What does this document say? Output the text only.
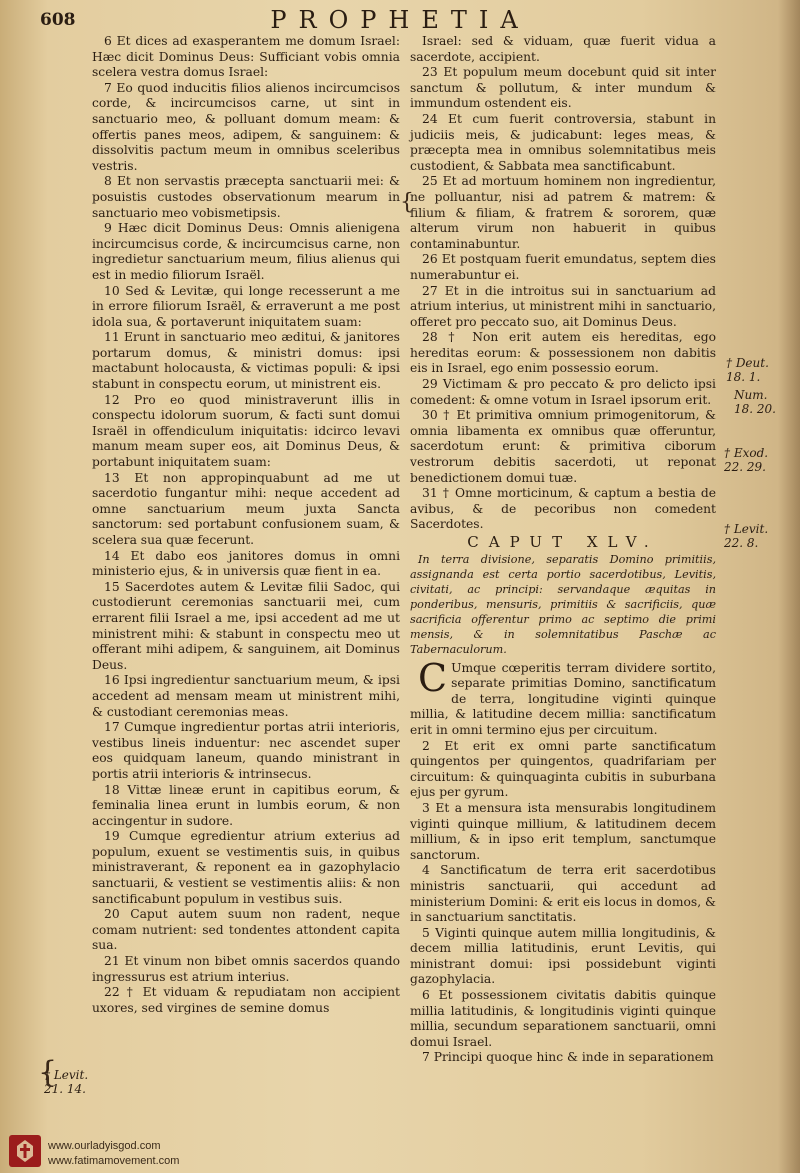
608	PROPHETIA

6 Et dices ad exasperantem me domum Israel: Hæc dicit Dominus Deus: Sufficiant vobis omnia scelera vestra domus Israel:

7 Eo quod inducitis filios alienos incircumcisos corde, & incircumcisos carne, ut sint in sanctuario meo, & polluant domum meam: & offertis panes meos, adipem, & sanguinem: & dissolvitis pactum meum in omnibus sceleribus vestris.

8 Et non servastis præcepta sanctuarii mei: & posuistis custodes observationum mearum in sanctuario meo vobismetipsis.

9 Hæc dicit Dominus Deus: Omnis alienigena incircumcisus corde, & incircumcisus carne, non ingredietur sanctuarium meum, filius alienus qui est in medio filiorum Israël.

10 Sed & Levitæ, qui longe recesserunt a me in errore filiorum Israël, & erraverunt a me post idola sua, & portaverunt iniquitatem suam:

11 Erunt in sanctuario meo æditui, & janitores portarum domus, & ministri domus: ipsi mactabunt holocausta, & victimas populi: & ipsi stabunt in conspectu eorum, ut ministrent eis.

12 Pro eo quod ministraverunt illis in conspectu idolorum suorum, & facti sunt domui Israël in offendiculum iniquitatis: idcirco levavi manum meam super eos, ait Dominus Deus, & portabunt iniquitatem suam:

13 Et non appropinquabunt ad me ut sacerdotio fungantur mihi: neque accedent ad omne sanctuarium meum juxta Sancta sanctorum: sed portabunt confusionem suam, & scelera sua quæ fecerunt.

14 Et dabo eos janitores domus in omni ministerio ejus, & in universis quæ fient in ea.

15 Sacerdotes autem & Levitæ filii Sadoc, qui custodierunt ceremonias sanctuarii mei, cum errarent filii Israel a me, ipsi accedent ad me ut ministrent mihi: & stabunt in conspectu meo ut offerant mihi adipem, & sanguinem, ait Dominus Deus.

16 Ipsi ingredientur sanctuarium meum, & ipsi accedent ad mensam meam ut ministrent mihi, & custodiant ceremonias meas.

17 Cumque ingredientur portas atrii interioris, vestibus lineis induentur: nec ascendet super eos quidquam laneum, quando ministrant in portis atrii interioris & intrinsecus.

18 Vittæ lineæ erunt in capitibus eorum, & feminalia linea erunt in lumbis eorum, & non accingentur in sudore.

19 Cumque egredientur atrium exterius ad populum, exuent se vestimentis suis, in quibus ministraverant, & reponent ea in gazophylacio sanctuarii, & vestient se vestimentis aliis: & non sanctificabunt populum in vestibus suis.

20 Caput autem suum non radent, neque comam nutrient: sed tondentes attondent capita sua.

21 Et vinum non bibet omnis sacerdos quando ingressurus est atrium interius.

22 † Et viduam & repudiatam non accipient uxores, sed virgines de semine domus

{

Israel: sed & viduam, quæ fuerit vidua a sacerdote, accipient.

23 Et populum meum docebunt quid sit inter sanctum & pollutum, & inter mundum & immundum ostendent eis.

24 Et cum fuerit controversia, stabunt in judiciis meis, & judicabunt: leges meas, & præcepta mea in omnibus solemnitatibus meis custodient, & Sabbata mea sanctificabunt.

25 Et ad mortuum hominem non ingredientur, ne polluantur, nisi ad patrem & matrem: & filium & filiam, & fratrem & sororem, quæ alterum virum non habuerit in quibus contaminabuntur.

26 Et postquam fuerit emundatus, septem dies numerabuntur ei.

27 Et in die introitus sui in sanctuarium ad atrium interius, ut ministrent mihi in sanctuario, offeret pro peccato suo, ait Dominus Deus.

28 † Non erit autem eis hereditas, ego hereditas eorum: & possessionem non dabitis eis in Israel, ego enim possessio eorum.

29 Victimam & pro peccato & pro delicto ipsi comedent: & omne votum in Israel ipsorum erit.

30 † Et primitiva omnium primogenitorum, & omnia libamenta ex omnibus quæ offeruntur, sacerdotum erunt: & primitiva ciborum vestrorum debitis sacerdoti, ut reponat benedictionem domui tuæ.

31 † Omne morticinum, & captum a bestia de avibus, & de pecoribus non comedent Sacerdotes.

CAPUT XLV.

In terra divisione, separatis Domino primitiis, assignanda est certa portio sacerdotibus, Levitis, civitati, ac principi: servandaque æquitas in ponderibus, mensuris, primitiis & sacrificiis, quæ sacrificia offerentur primo ac septimo die primi mensis, & in solemnitatibus Paschæ ac Tabernaculorum.

C Umque cœperitis terram dividere sortito, separate primitias Domino, sanctificatum de terra, longitudine viginti quinque millia, & latitudine decem millia: sanctificatum erit in omni termino ejus per circuitum.

2 Et erit ex omni parte sanctificatum quingentos per quingentos, quadrifariam per circuitum: & quinquaginta cubitis in suburbana ejus per gyrum.

3 Et a mensura ista mensurabis longitudinem viginti quinque millium, & latitudinem decem millium, & in ipso erit templum, sanctumque sanctorum.

4 Sanctificatum de terra erit sacerdotibus ministris sanctuarii, qui accedunt ad ministerium Domini: & erit eis locus in domos, & in sanctuarium sanctitatis.

5 Viginti quinque autem millia longitudinis, & decem millia latitudinis, erunt Levitis, qui ministrant domui: ipsi possidebunt viginti gazophylacia.

6 Et possessionem civitatis dabitis quinque millia latitudinis, & longitudinis viginti quinque millia, secundum separationem sanctuarii, omni domui Israel.

7 Principi quoque hinc & inde in separationem

† Deut. 18. 1.
Num. 18. 20.
† Exod. 22. 29.
† Levit. 22. 8.
† Levit. 21. 14.
{
www.ourladyisgod.com
www.fatimamovement.com
